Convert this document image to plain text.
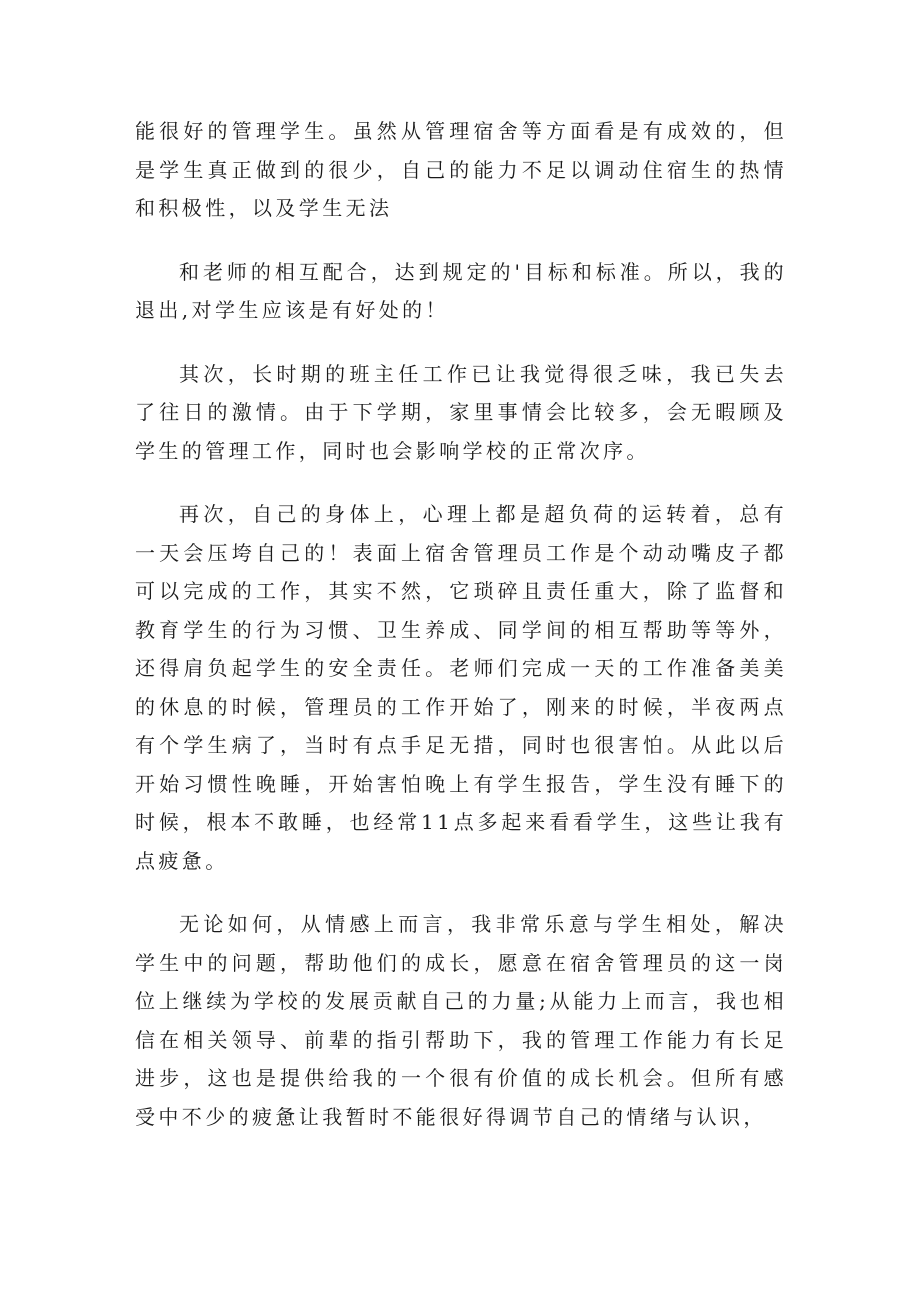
能很好的管理学生。虽然从管理宿舍等方面看是有成效的，但是学生真正做到的很少，自己的能力不足以调动住宿生的热情和积极性，以及学生无法

和老师的相互配合，达到规定的'目标和标准。所以，我的退出,对学生应该是有好处的！

其次，长时期的班主任工作已让我觉得很乏味，我已失去了往日的激情。由于下学期，家里事情会比较多，会无暇顾及学生的管理工作，同时也会影响学校的正常次序。

再次，自己的身体上，心理上都是超负荷的运转着，总有一天会压垮自己的！表面上宿舍管理员工作是个动动嘴皮子都可以完成的工作，其实不然，它琐碎且责任重大，除了监督和教育学生的行为习惯、卫生养成、同学间的相互帮助等等外，还得肩负起学生的安全责任。老师们完成一天的工作准备美美的休息的时候，管理员的工作开始了，刚来的时候，半夜两点有个学生病了，当时有点手足无措，同时也很害怕。从此以后开始习惯性晚睡，开始害怕晚上有学生报告，学生没有睡下的时候，根本不敢睡，也经常11点多起来看看学生，这些让我有点疲惫。

无论如何，从情感上而言，我非常乐意与学生相处，解决学生中的问题，帮助他们的成长，愿意在宿舍管理员的这一岗位上继续为学校的发展贡献自己的力量;从能力上而言，我也相信在相关领导、前辈的指引帮助下，我的管理工作能力有长足进步，这也是提供给我的一个很有价值的成长机会。但所有感受中不少的疲惫让我暂时不能很好得调节自己的情绪与认识，
